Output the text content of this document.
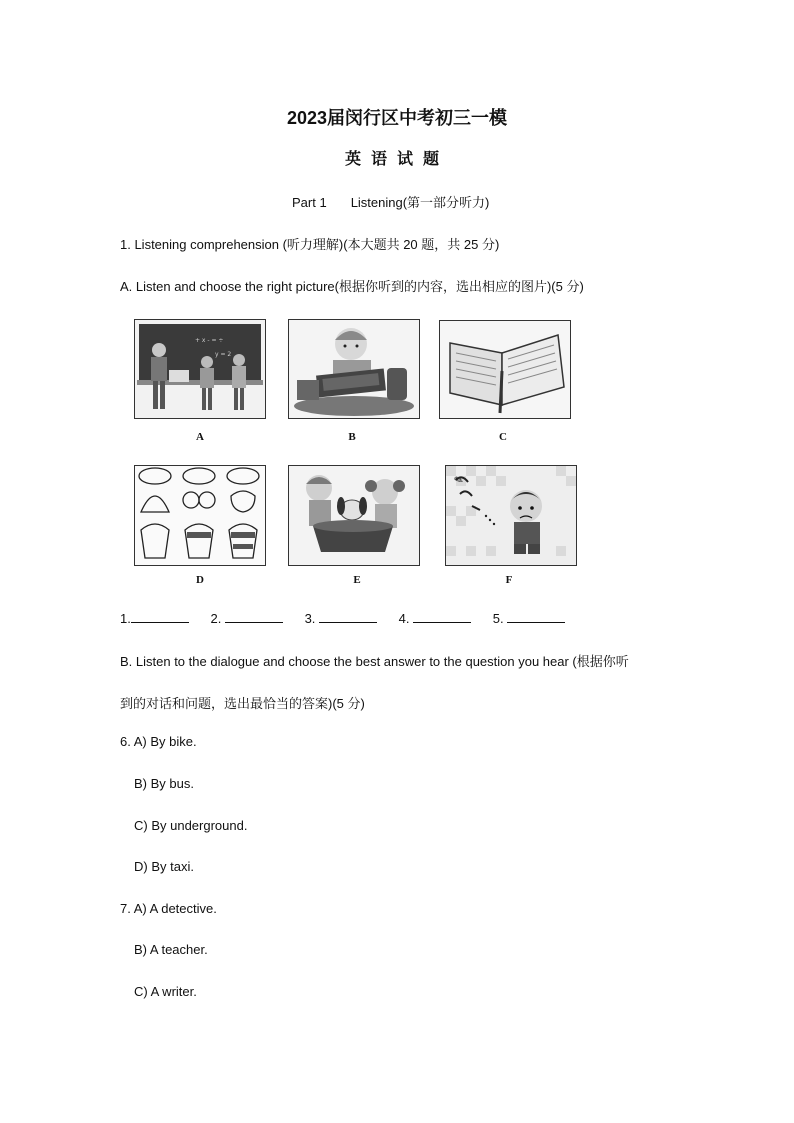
2023届闵行区中考初三一模
英语试题
Part 1 Listening(第一部分听力)
1. Listening comprehension (听力理解)(本大题共 20 题，共 25 分)
A. Listen and choose the right picture(根据你听到的内容，选出相应的图片)(5 分)
+ x - = ÷
y = 2
A	B	C
D	E
✎
F
1.	2.	3.	4.	5.
B. Listen to the dialogue and choose the best answer to the question you hear (根据你听
到的对话和问题，选出最恰当的答案)(5 分)
6. A) By bike.
B) By bus.
C) By underground.
D) By taxi.
7. A) A detective.
B) A teacher.
C) A writer.
